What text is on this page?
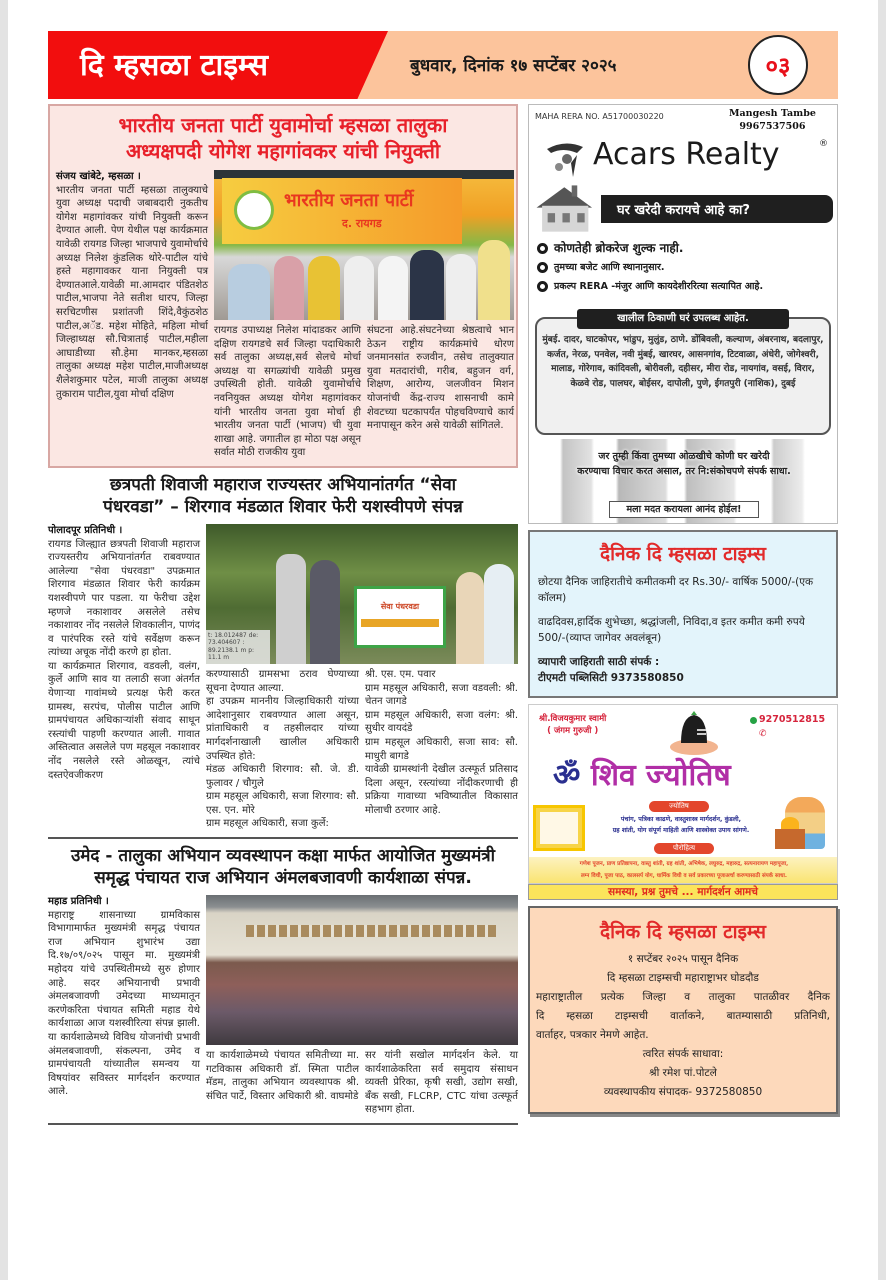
दि म्हसळा टाइम्स	बुधवार, दिनांक १७ सप्टेंबर २०२५	०३
भारतीय जनता पार्टी युवामोर्चा म्हसळा तालुका
अध्यक्षपदी योगेश महागांवकर यांची नियुक्ती
संजय खांबेटे, म्हसळा ।
भारतीय जनता पार्टी म्हसळा तालुक्याचे युवा अध्यक्ष पदाची जबाबदारी नुकतीच योगेश महागांवकर यांची नियुक्ती करून देण्यात आली. पेण येथील पक्ष कार्यक्रमात यावेळी रायगड जिल्हा भाजपाचे युवामोर्चाचे अध्यक्ष निलेश कुंडलिक थोरे-पाटील यांचे हस्ते महागावकर याना नियुक्ती पत्र देण्यातआले.यावेळी मा.आमदार पंडितशेठ पाटील,भाजपा नेते सतीश धारप, जिल्हा सरचिटणीस प्रशांतजी शिंदे,वैकुंठशेठ पाटील,अॅड. महेश मोहिते, महिला मोर्चा जिल्हाध्यक्ष सौ.चित्राताई पाटील,महीला आघाडीच्या सौ.हेमा मानकर,म्हसळा तालुका अध्यक्ष महेश पाटील,माजीअध्यक्ष शैलेशकुमार पटेल, माजी तालुका अध्यक्ष तुकाराम पाटील,युवा मोर्चा दक्षिण
भारतीय जनता पार्टी
द. रायगड
रायगड उपाध्यक्ष निलेश मांदाडकर आणि दक्षिण रायगडचे सर्व जिल्हा पदाधिकारी सर्व तालुका अध्यक्ष,सर्व सेलचे मोर्चा अध्यक्ष या सगळ्यांची यावेळी प्रमुख उपस्थिती होती. यावेळी युवामोर्चाचे नवनियुक्त अध्यक्ष योगेश महागांवकर यांनी भारतीय जनता युवा मोर्चा ही भारतीय जनता पार्टी (भाजप) ची युवा शाखा आहे. जगातील हा मोठा पक्ष असून सर्वात मोठी राजकीय युवा
संघटना आहे.संघटनेच्या श्रेष्ठत्वाचे भान ठेऊन राष्ट्रीय कार्यक्रमांचे धोरण जनमानसांत रुजवीन, तसेच तालुक्यात युवा मतदारांची, गरीब, बहुजन वर्ग, शिक्षण, आरोग्य, जलजीवन मिशन योजनांची केंद्र-राज्य शासनाची कामे शेवटच्या घटकापर्यंत पोहचविण्याचे कार्य मनापासून करेन असे यावेळी सांगितले.
छत्रपती शिवाजी महाराज राज्यस्तर अभियानांतर्गत “सेवा
पंधरवडा” – शिरगाव मंडळात शिवार फेरी यशस्वीपणे संपन्न
पोलादपूर प्रतिनिधी ।
रायगड जिल्ह्यात छत्रपती शिवाजी महाराज राज्यस्तरीय अभियानांतर्गत राबवण्यात आलेल्या "सेवा पंधरवडा" उपक्रमात शिरगाव मंडळात शिवार फेरी कार्यक्रम यशस्वीपणे पार पडला. या फेरीचा उद्देश म्हणजे नकाशावर असलेले तसेच नकाशावर नोंद नसलेले शिवकालीन, पाणंद व पारंपरिक रस्ते यांचे सर्वेक्षण करून त्यांच्या अचूक नोंदी करणे हा होता.
या कार्यक्रमात शिरगाव, वडवली, वलंग, कुर्ले आणि साव या तलाठी सजा अंतर्गत येणाऱ्या गावांमध्ये प्रत्यक्ष फेरी करत ग्रामस्थ, सरपंच, पोलीस पाटील आणि ग्रामपंचायत अधिकाऱ्यांशी संवाद साधून रस्त्यांची पाहणी करण्यात आली. गावात अस्तित्वात असलेले पण महसूल नकाशावर नोंद नसलेले रस्ते ओळखून, त्यांचे दस्तऐवजीकरण
सेवा पंधरवडा
t: 18.012487 de: 73.404607 : 89.2138.1 m p: 11.1 m
करण्यासाठी ग्रामसभा ठराव घेण्याच्या सूचना देण्यात आल्या.
हा उपक्रम माननीय जिल्हाधिकारी यांच्या आदेशानुसार राबवण्यात आला असून, प्रांताधिकारी व तहसीलदार यांच्या मार्गदर्शनाखाली खालील अधिकारी उपस्थित होते:
मंडळ अधिकारी शिरगाव: सौ. जे. डी. फुलावर / चौगुले
ग्राम महसूल अधिकारी, सजा शिरगाव: सौ. एस. एन. मोरे
ग्राम महसूल अधिकारी, सजा कुर्ले:
श्री. एस. एम. पवार
ग्राम महसूल अधिकारी, सजा वडवली: श्री. चेतन जागडे
ग्राम महसूल अधिकारी, सजा वलंग: श्री. सुधीर वायदंडे
ग्राम महसूल अधिकारी, सजा साव: सौ. माधुरी बागडे
यावेळी ग्रामस्थांनी देखील उत्स्फूर्त प्रतिसाद दिला असून, रस्त्यांच्या नोंदीकरणाची ही प्रक्रिया गावाच्या भविष्यातील विकासात मोलाची ठरणार आहे.
उमेद - तालुका अभियान व्यवस्थापन कक्षा मार्फत आयोजित मुख्यमंत्री
समृद्ध पंचायत राज अभियान अंमलबजावणी कार्यशाळा संपन्न.
महाड प्रतिनिधी ।
महाराष्ट्र शासनाच्या ग्रामविकास विभागामार्फत मुख्यमंत्री समृद्ध पंचायत राज अभियान शुभारंभ उद्या दि.१७/०९/०२५ पासून मा. मुख्यमंत्री महोदय यांचे उपस्थितीमध्ये सुरु होणार आहे. सदर अभियानाची प्रभावी अंमलबजावणी उमेदच्या माध्यमातून करणेकरिता पंचायत समिती महाड येथे कार्यशाळा आज यशस्वीरित्या संपन्न झाली. या कार्यशाळेमध्ये विविध योजनांची प्रभावी अंमलबजावणी, संकल्पना, उमेद व ग्रामपंचायती यांच्यातील समन्वय या विषयांवर सविस्तर मार्गदर्शन करण्यात आले.
या कार्यशाळेमध्ये पंचायत समितीच्या मा. गटविकास अधिकारी डॉ. स्मिता पाटील मॅडम, तालुका अभियान व्यवस्थापक श्री. संचित पार्टे, विस्तार अधिकारी श्री. वाघमोडे
सर यांनी सखोल मार्गदर्शन केले. या कार्यशाळेकरिता सर्व समुदाय संसाधन व्यक्ती प्रेरिका, कृषी सखी, उद्योग सखी, बँक सखी, FLCRP, CTC यांचा उत्स्फूर्त सहभाग होता.
MAHA RERA NO. A51700030220	Mangesh Tambe
9967537506
Acars Realty	®
घर खरेदी करायचे आहे का?
कोणतेही ब्रोकरेज शुल्क नाही.
तुमच्या बजेट आणि स्थानानुसार.
प्रकल्प RERA -मंजुर आणि कायदेशीररित्या सत्यापित आहे.
खालील ठिकाणी घरं उपलब्ध आहेत.
मुंबई. दादर, घाटकोपर, भांडुप, मुलुंड, ठाणे. डोंबिवली, कल्याण, अंबरनाथ, बदलापुर, कर्जत, नेरळ, पनवेल, नवी मुंबई, खारघर, आसनगांव, टिटवाळा, अंधेरी, जोगेश्वरी, मालाड, गोरेगाव, कांदिवली, बोरीवली, दहीसर, मीरा रोड, नायगांव, वसई, विरार, केळवे रोड, पालघर, बोईसर, दापोली, पुणे, ईगतपुरी (नाशिक), दुबई
जर तुम्ही किंवा तुमच्या ओळखीचे कोणी घर खरेदी
करण्याचा विचार करत असाल, तर नि:संकोचपणे संपर्क साधा.
मला मदत करायला आनंद होईल!
दैनिक दि म्हसळा टाइम्स
छोटया दैनिक जाहिरातीचे कमीतकमी दर Rs.30/- वार्षिक 5000/-(एक कॉलम)
वाढदिवस,हार्दिक शुभेच्छा, श्रद्धांजली, निविदा,व इतर कमीत कमी रुपये 500/-(व्याप्त जागेवर अवलंबून)
व्यापारी जाहिराती साठी संपर्क :
टीएमटी पब्लिसिटी 9373580850
श्री.विजयकुमार स्वामी
( जंगम गुरुजी )
9270512815
✆
ॐ शिव ज्योतिष
ज्योतिष
पंचांग, पत्रिका काढणे, वास्तुशास्त्र मार्गदर्शन, कुंडली,
ग्रह शांती, योग संपूर्ण माहिती आणि शास्त्रोक्त उपाय सांगणे.
पौरोहित्य
गणेश पूजन, प्राण प्रतिष्ठापना, वास्तु शांती, ग्रह शांती, अभिषेक, लघुरुद्र, महारुद्र, सत्यनारायण महापूजा,
लग्न विधी, पूजा पाठ, कालसर्प योग, धार्मिक विधी व सर्व प्रकारच्या पूजाअर्चा करण्यासाठी संपर्क साधा.
समस्या, प्रश्न तुमचे ... मार्गदर्शन आमचे
दैनिक दि म्हसळा टाइम्स
१ सप्टेंबर २०२५ पासून दैनिक
दि म्हसळा टाइम्सची महाराष्ट्राभर घोडदौड
महाराष्ट्रातील प्रत्येक जिल्हा व तालुका पातळीवर दैनिक
दि म्हसळा टाइम्सची वार्ताकने, बातम्यासाठी प्रतिनिधी,
वार्ताहर, पत्रकार नेमणे आहेत.
त्वरित संपर्क साधावा:
श्री रमेश पां.पोटले
व्यवस्थापकीय संपादक- 9372580850
